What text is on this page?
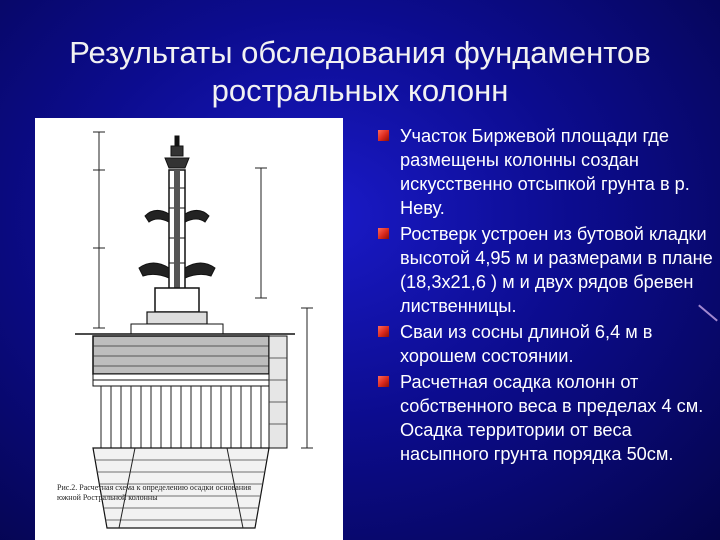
Результаты обследования фундаментов
ростральных колонн
Рис.2. Расчетная схема к определению осадки основания
южной Ростральной колонны
Участок Биржевой площади где размещены колонны создан искусственно отсыпкой грунта в р. Неву.
Ростверк устроен из бутовой кладки высотой 4,95 м и размерами в плане (18,3х21,6 ) м и двух рядов бревен лиственницы.
Сваи из сосны длиной 6,4 м в хорошем состоянии.
Расчетная осадка колонн от собственного веса в пределах 4 см. Осадка территории от веса насыпного грунта порядка 50см.
